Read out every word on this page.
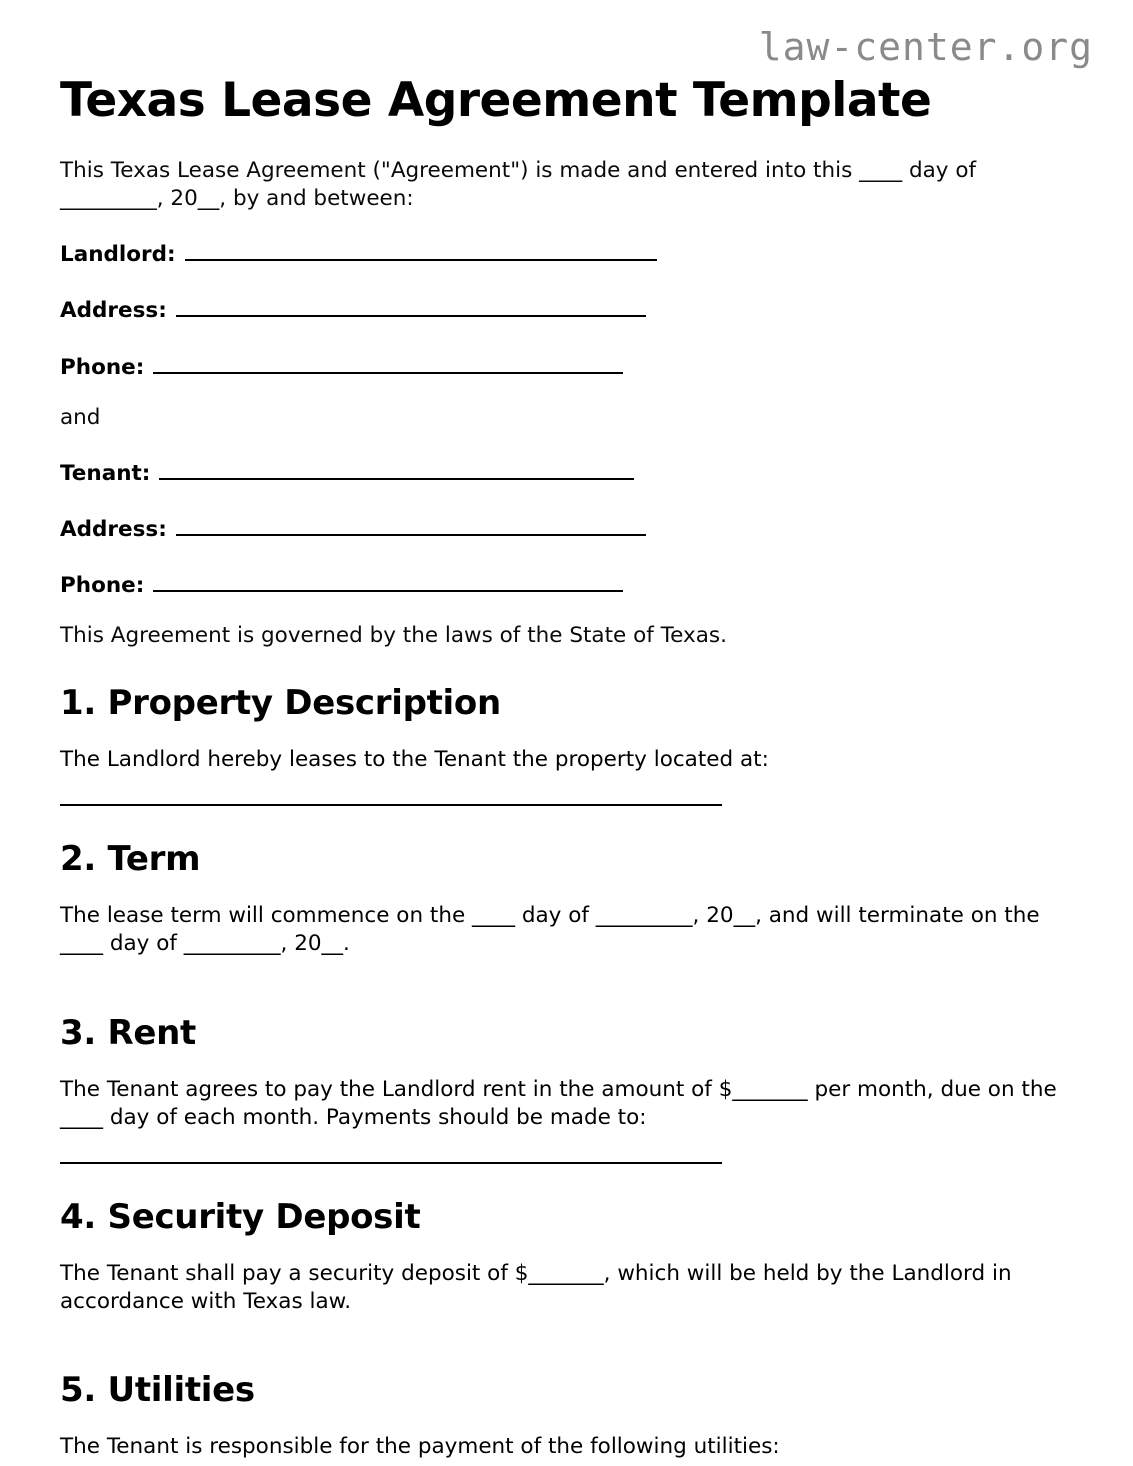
law-center.org
Texas Lease Agreement Template

This Texas Lease Agreement ("Agreement") is made and entered into this ____ day of _________, 20__, by and between:

Landlord:
Address:
Phone:

and

Tenant:
Address:
Phone:

This Agreement is governed by the laws of the State of Texas.

1. Property Description

The Landlord hereby leases to the Tenant the property located at:

2. Term

The lease term will commence on the ____ day of _________, 20__, and will terminate on the ____ day of _________, 20__.

3. Rent

The Tenant agrees to pay the Landlord rent in the amount of $_______ per month, due on the ____ day of each month. Payments should be made to:

4. Security Deposit

The Tenant shall pay a security deposit of $_______, which will be held by the Landlord in accordance with Texas law.

5. Utilities

The Tenant is responsible for the payment of the following utilities:
